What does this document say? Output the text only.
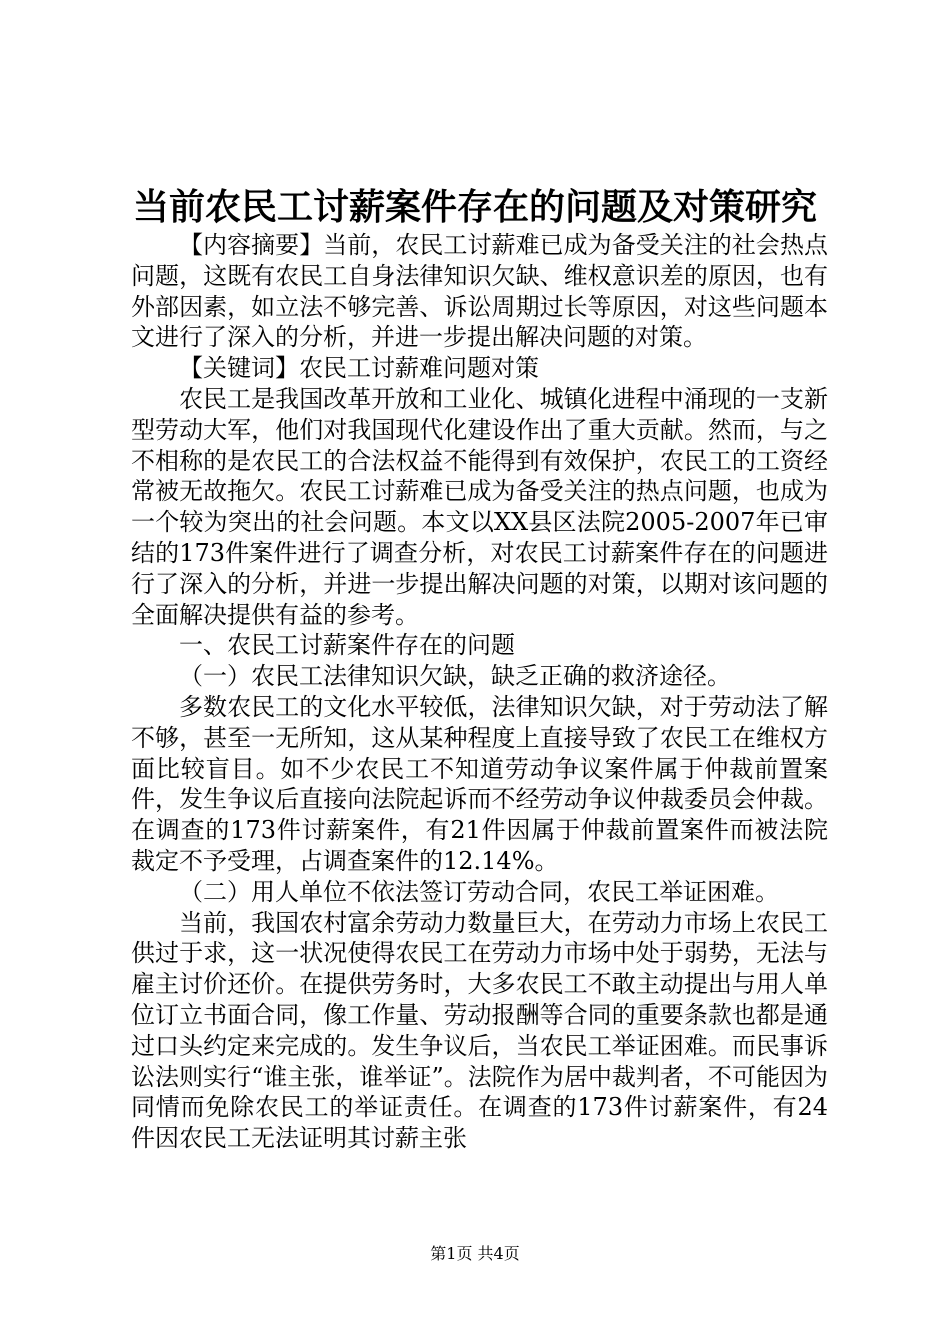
当前农民工讨薪案件存在的问题及对策研究

【内容摘要】当前，农民工讨薪难已成为备受关注的社会热点问题，这既有农民工自身法律知识欠缺、维权意识差的原因，也有外部因素，如立法不够完善、诉讼周期过长等原因，对这些问题本文进行了深入的分析，并进一步提出解决问题的对策。

【关键词】农民工讨薪难问题对策

农民工是我国改革开放和工业化、城镇化进程中涌现的一支新型劳动大军，他们对我国现代化建设作出了重大贡献。然而，与之不相称的是农民工的合法权益不能得到有效保护，农民工的工资经常被无故拖欠。农民工讨薪难已成为备受关注的热点问题，也成为一个较为突出的社会问题。本文以XX县区法院2005-2007年已审结的173件案件进行了调查分析，对农民工讨薪案件存在的问题进行了深入的分析，并进一步提出解决问题的对策，以期对该问题的全面解决提供有益的参考。

一、农民工讨薪案件存在的问题

（一）农民工法律知识欠缺，缺乏正确的救济途径。

多数农民工的文化水平较低，法律知识欠缺，对于劳动法了解不够，甚至一无所知，这从某种程度上直接导致了农民工在维权方面比较盲目。如不少农民工不知道劳动争议案件属于仲裁前置案件，发生争议后直接向法院起诉而不经劳动争议仲裁委员会仲裁。在调查的173件讨薪案件，有21件因属于仲裁前置案件而被法院裁定不予受理，占调查案件的12.14%。

（二）用人单位不依法签订劳动合同，农民工举证困难。

当前，我国农村富余劳动力数量巨大，在劳动力市场上农民工供过于求，这一状况使得农民工在劳动力市场中处于弱势，无法与雇主讨价还价。在提供劳务时，大多农民工不敢主动提出与用人单位订立书面合同，像工作量、劳动报酬等合同的重要条款也都是通过口头约定来完成的。发生争议后，当农民工举证困难。而民事诉讼法则实行“谁主张，谁举证”。法院作为居中裁判者，不可能因为同情而免除农民工的举证责任。在调查的173件讨薪案件，有24件因农民工无法证明其讨薪主张

第1页 共4页
